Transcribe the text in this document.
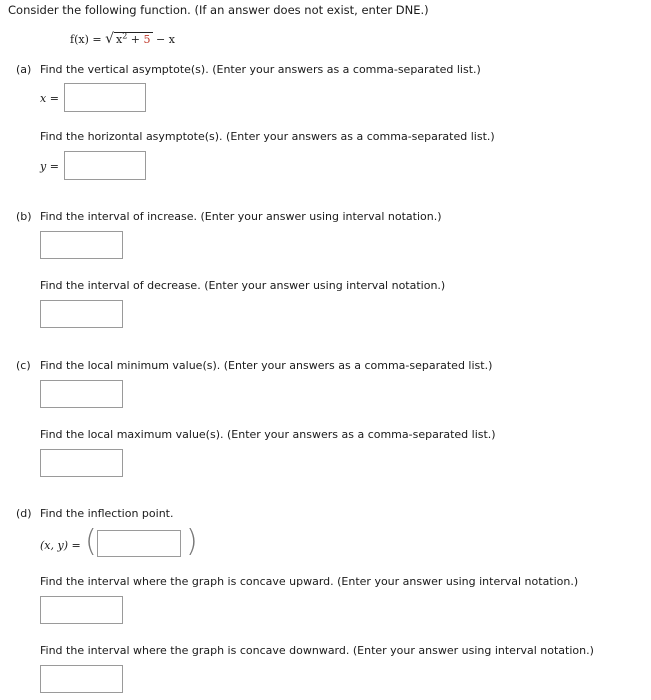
Consider the following function. (If an answer does not exist, enter DNE.)
f(x) = √ $x^2 + 5 - x$
(a) Find the vertical asymptote(s). (Enter your answers as a comma-separated list.)
x =
Find the horizontal asymptote(s). (Enter your answers as a comma-separated list.)
y =
(b) Find the interval of increase. (Enter your answer using interval notation.)
Find the interval of decrease. (Enter your answer using interval notation.)
(c) Find the local minimum value(s). (Enter your answers as a comma-separated list.)
Find the local maximum value(s). (Enter your answers as a comma-separated list.)
(d) Find the inflection point.
(x, y) = (	)
Find the interval where the graph is concave upward. (Enter your answer using interval notation.)
Find the interval where the graph is concave downward. (Enter your answer using interval notation.)
